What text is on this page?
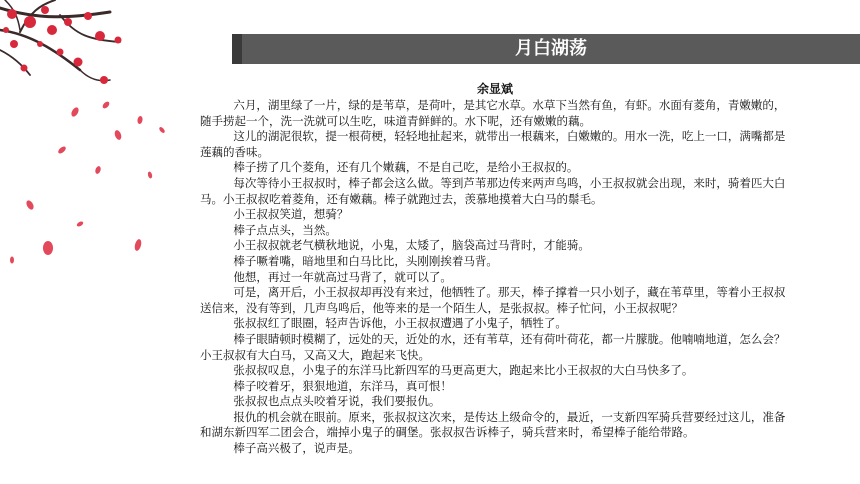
月白湖荡
余显斌

六月，湖里绿了一片，绿的是苇草，是荷叶，是其它水草。水草下当然有鱼，有虾。水面有菱角，青嫩嫩的，随手捞起一个，洗一洗就可以生吃，味道青鲜鲜的。水下呢，还有嫩嫩的藕。

这儿的湖泥很软，提一根荷梗，轻轻地扯起来，就带出一根藕来，白嫩嫩的。用水一洗，吃上一口，满嘴都是莲藕的香味。

棒子捞了几个菱角，还有几个嫩藕，不是自己吃，是给小王叔叔的。

每次等待小王叔叔时，棒子都会这么做。等到芦苇那边传来两声鸟鸣，小王叔叔就会出现，来时，骑着匹大白马。小王叔叔吃着菱角，还有嫩藕。棒子就跑过去，羡慕地摸着大白马的鬃毛。

小王叔叔笑道，想骑？

棒子点点头，当然。

小王叔叔就老气横秋地说，小鬼，太矮了，脑袋高过马背时，才能骑。

棒子噘着嘴，暗地里和白马比比，头刚刚挨着马背。

他想，再过一年就高过马背了，就可以了。

可是，离开后，小王叔叔却再没有来过，他牺牲了。那天，棒子撑着一只小划子，藏在苇草里，等着小王叔叔送信来，没有等到，几声鸟鸣后，他等来的是一个陌生人，是张叔叔。棒子忙问，小王叔叔呢？

张叔叔红了眼圈，轻声告诉他，小王叔叔遭遇了小鬼子，牺牲了。

棒子眼睛顿时模糊了，远处的天，近处的水，还有苇草，还有荷叶荷花，都一片朦胧。他喃喃地道，怎么会？小王叔叔有大白马，又高又大，跑起来飞快。

张叔叔叹息，小鬼子的东洋马比新四军的马更高更大，跑起来比小王叔叔的大白马快多了。

棒子咬着牙，狠狠地道，东洋马，真可恨！

张叔叔也点点头咬着牙说，我们要报仇。

报仇的机会就在眼前。原来，张叔叔这次来，是传达上级命令的，最近，一支新四军骑兵营要经过这儿，准备和湖东新四军二团会合，端掉小鬼子的碉堡。张叔叔告诉棒子，骑兵营来时，希望棒子能给带路。

棒子高兴极了，说声是。
